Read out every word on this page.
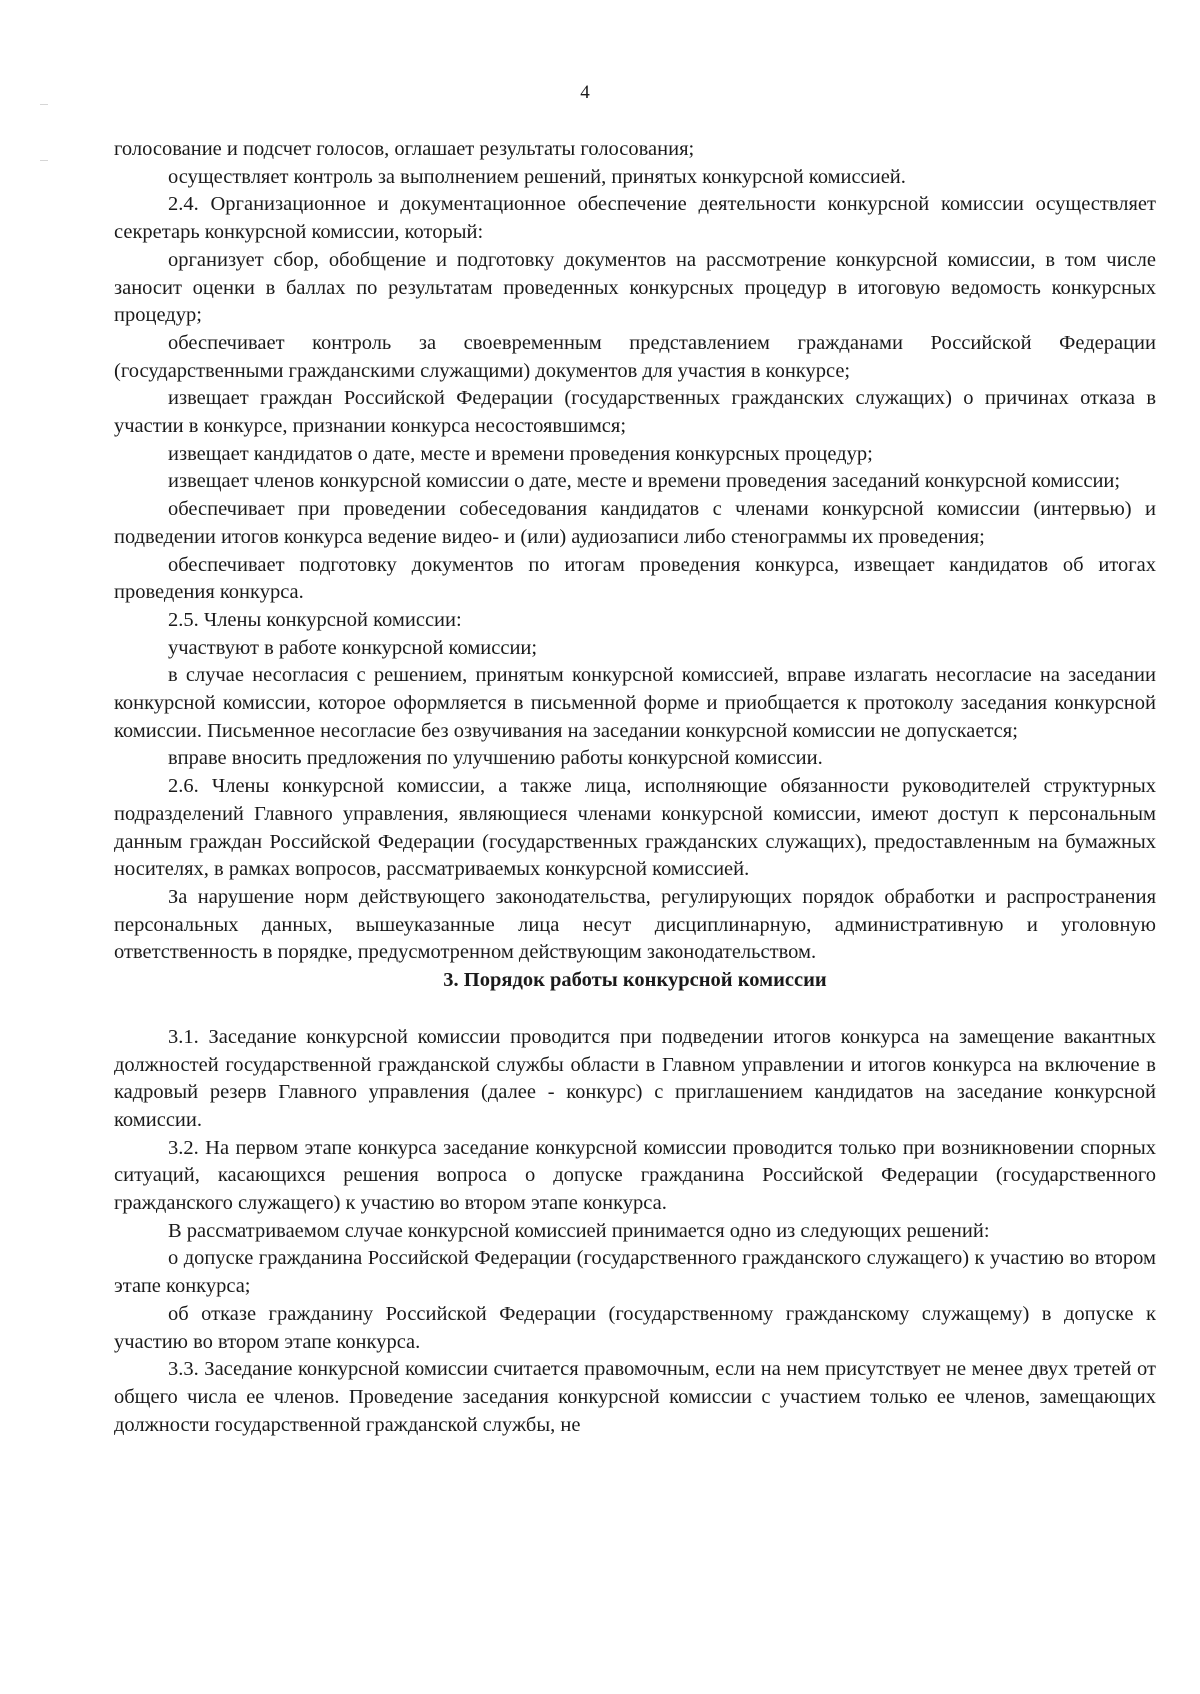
4

голосование и подсчет голосов, оглашает результаты голосования;

осуществляет контроль за выполнением решений, принятых конкурсной комиссией.

2.4. Организационное и документационное обеспечение деятельности конкурсной комиссии осуществляет секретарь конкурсной комиссии, который:

организует сбор, обобщение и подготовку документов на рассмотрение конкурсной комиссии, в том числе заносит оценки в баллах по результатам проведенных конкурсных процедур в итоговую ведомость конкурсных процедур;

обеспечивает контроль за своевременным представлением гражданами Российской Федерации (государственными гражданскими служащими) документов для участия в конкурсе;

извещает граждан Российской Федерации (государственных гражданских служащих) о причинах отказа в участии в конкурсе, признании конкурса несостоявшимся;

извещает кандидатов о дате, месте и времени проведения конкурсных процедур;

извещает членов конкурсной комиссии о дате, месте и времени проведения заседаний конкурсной комиссии;

обеспечивает при проведении собеседования кандидатов с членами конкурсной комиссии (интервью) и подведении итогов конкурса ведение видео- и (или) аудиозаписи либо стенограммы их проведения;

обеспечивает подготовку документов по итогам проведения конкурса, извещает кандидатов об итогах проведения конкурса.

2.5. Члены конкурсной комиссии:

участвуют в работе конкурсной комиссии;

в случае несогласия с решением, принятым конкурсной комиссией, вправе излагать несогласие на заседании конкурсной комиссии, которое оформляется в письменной форме и приобщается к протоколу заседания конкурсной комиссии. Письменное несогласие без озвучивания на заседании конкурсной комиссии не допускается;

вправе вносить предложения по улучшению работы конкурсной комиссии.

2.6. Члены конкурсной комиссии, а также лица, исполняющие обязанности руководителей структурных подразделений Главного управления, являющиеся членами конкурсной комиссии, имеют доступ к персональным данным граждан Российской Федерации (государственных гражданских служащих), предоставленным на бумажных носителях, в рамках вопросов, рассматриваемых конкурсной комиссией.

За нарушение норм действующего законодательства, регулирующих порядок обработки и распространения персональных данных, вышеуказанные лица несут дисциплинарную, административную и уголовную ответственность в порядке, предусмотренном действующим законодательством.

3. Порядок работы конкурсной комиссии

3.1. Заседание конкурсной комиссии проводится при подведении итогов конкурса на замещение вакантных должностей государственной гражданской службы области в Главном управлении и итогов конкурса на включение в кадровый резерв Главного управления (далее - конкурс) с приглашением кандидатов на заседание конкурсной комиссии.

3.2. На первом этапе конкурса заседание конкурсной комиссии проводится только при возникновении спорных ситуаций, касающихся решения вопроса о допуске гражданина Российской Федерации (государственного гражданского служащего) к участию во втором этапе конкурса.

В рассматриваемом случае конкурсной комиссией принимается одно из следующих решений:

о допуске гражданина Российской Федерации (государственного гражданского служащего) к участию во втором этапе конкурса;

об отказе гражданину Российской Федерации (государственному гражданскому служащему) в допуске к участию во втором этапе конкурса.

3.3. Заседание конкурсной комиссии считается правомочным, если на нем присутствует не менее двух третей от общего числа ее членов. Проведение заседания конкурсной комиссии с участием только ее членов, замещающих должности государственной гражданской службы, не
